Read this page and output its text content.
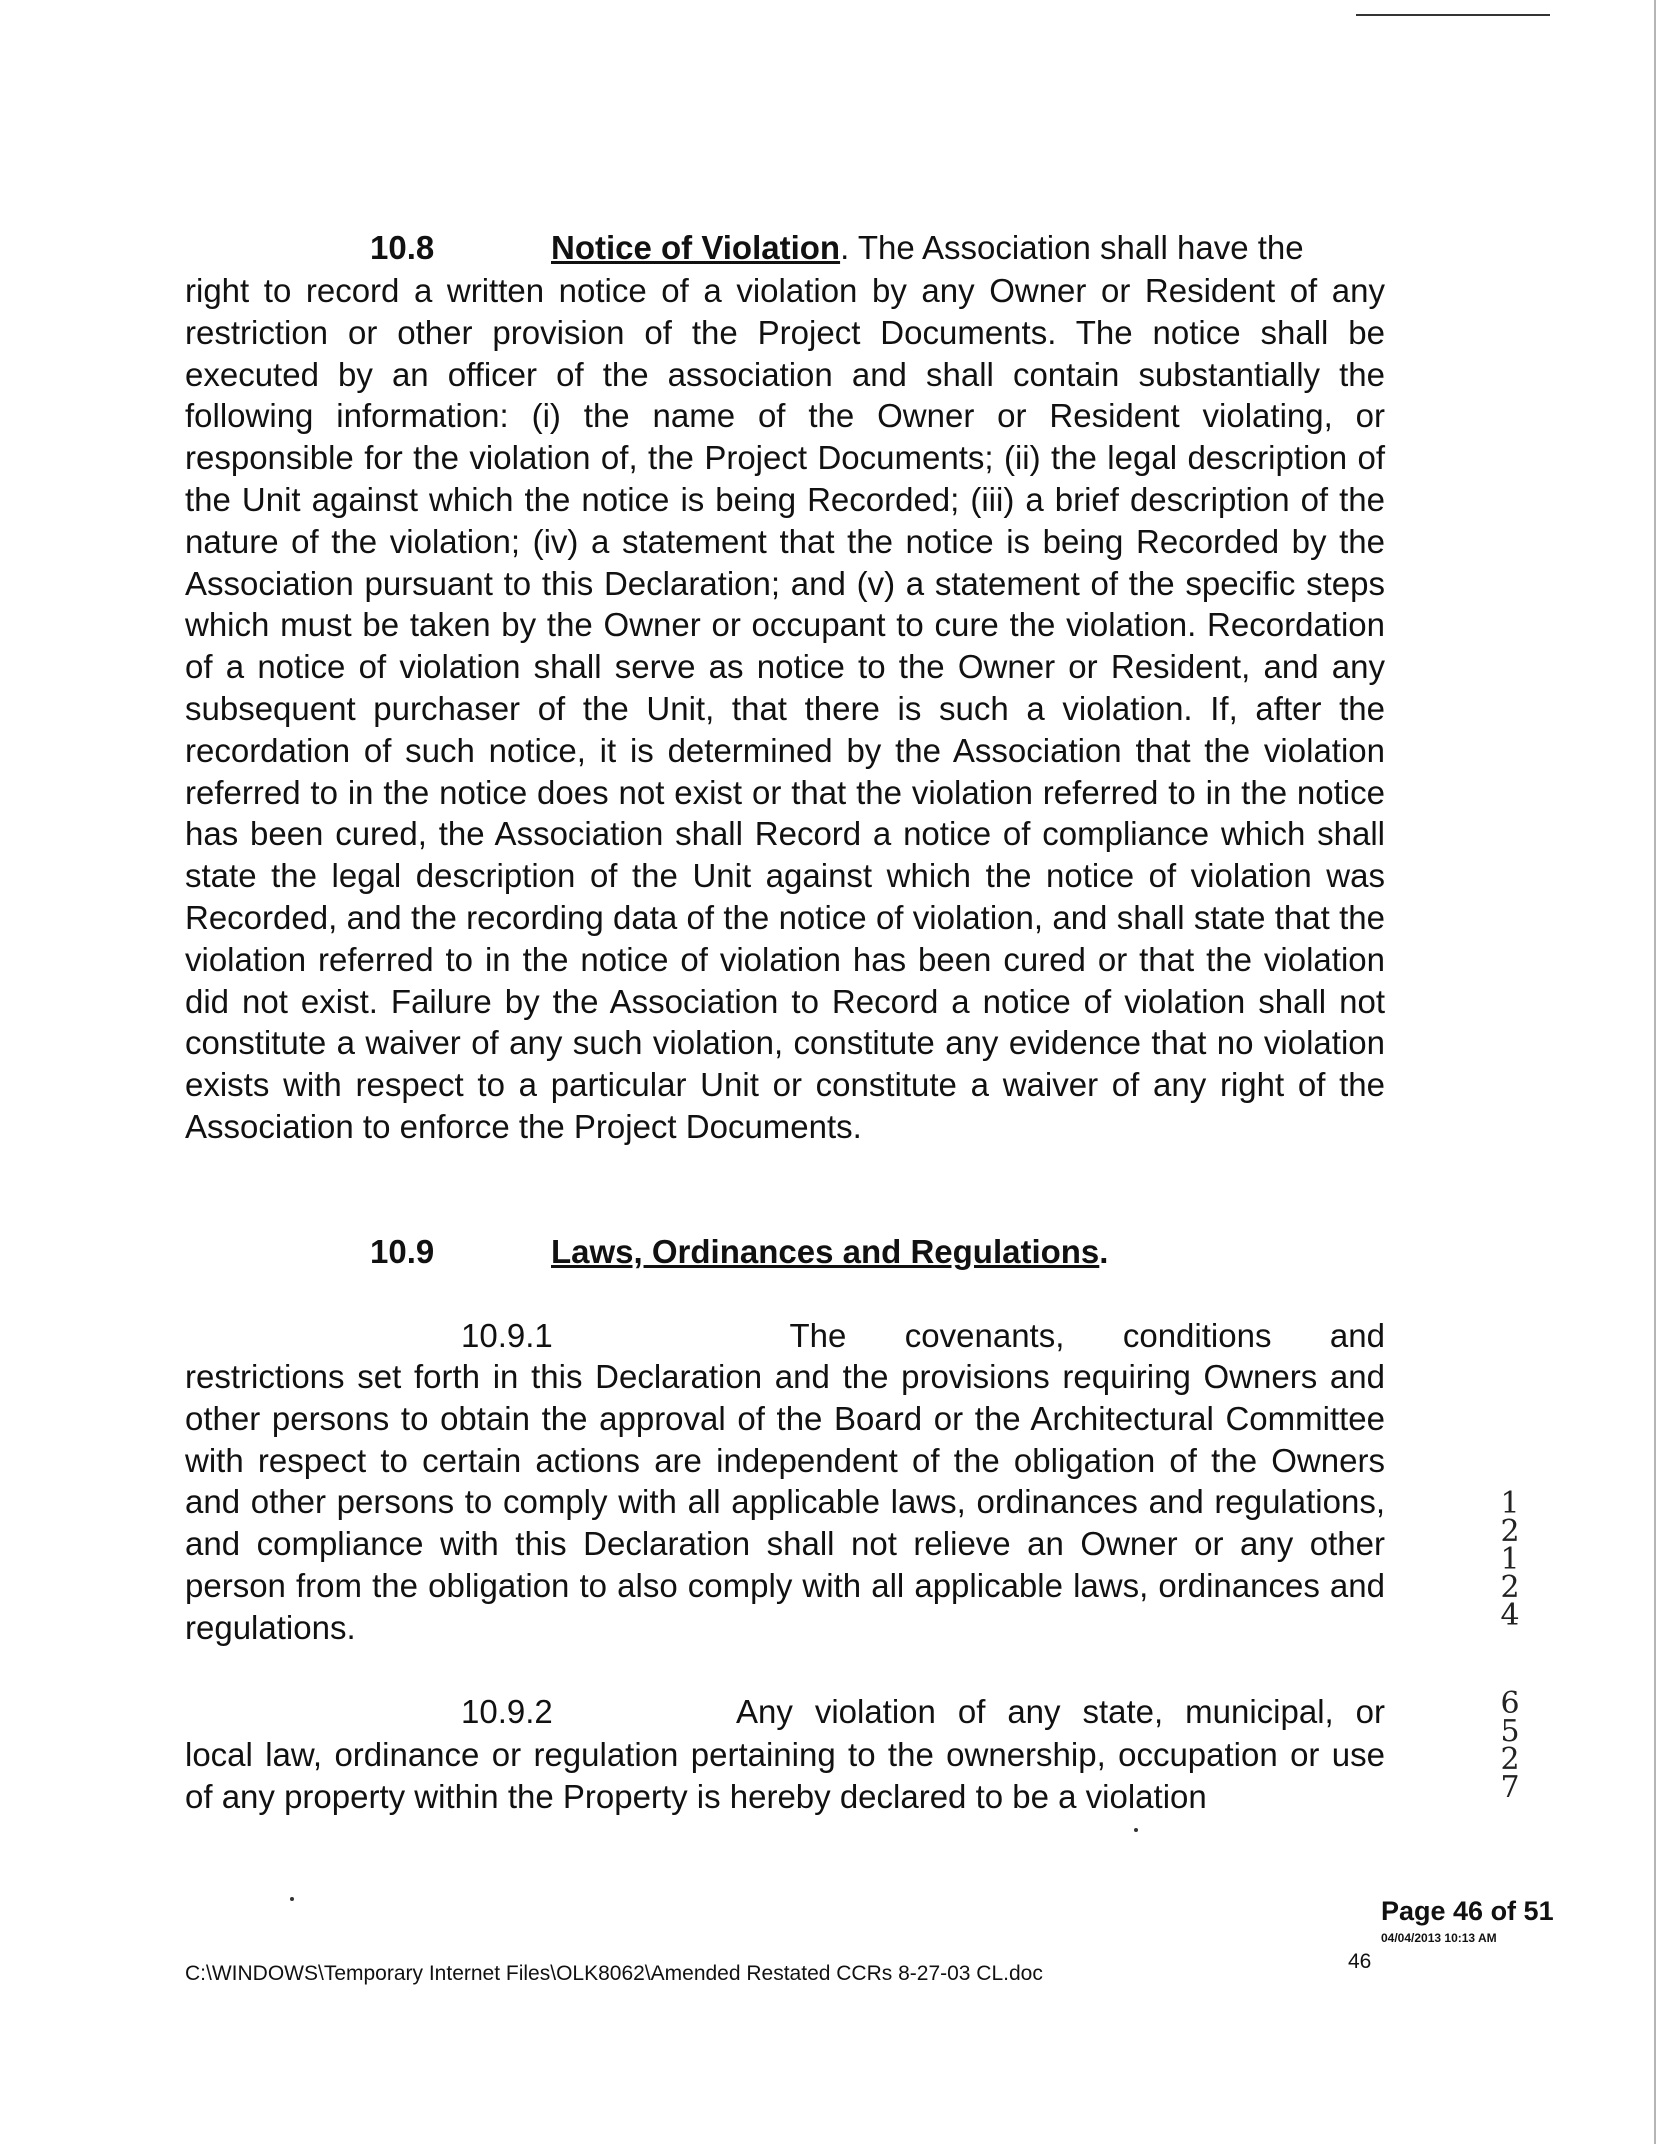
10.8	Notice of Violation. The Association shall have the
right to record a written notice of a violation by any Owner or Resident of any restriction or other provision of the Project Documents. The notice shall be executed by an officer of the association and shall contain substantially the following information: (i) the name of the Owner or Resident violating, or responsible for the violation of, the Project Documents; (ii) the legal description of the Unit against which the notice is being Recorded; (iii) a brief description of the nature of the violation; (iv) a statement that the notice is being Recorded by the Association pursuant to this Declaration; and (v) a statement of the specific steps which must be taken by the Owner or occupant to cure the violation. Recordation of a notice of violation shall serve as notice to the Owner or Resident, and any subsequent purchaser of the Unit, that there is such a violation. If, after the recordation of such notice, it is determined by the Association that the violation referred to in the notice does not exist or that the violation referred to in the notice has been cured, the Association shall Record a notice of compliance which shall state the legal description of the Unit against which the notice of violation was Recorded, and the recording data of the notice of violation, and shall state that the violation referred to in the notice of violation has been cured or that the violation did not exist. Failure by the Association to Record a notice of violation shall not constitute a waiver of any such violation, constitute any evidence that no violation exists with respect to a particular Unit or constitute a waiver of any right of the Association to enforce the Project Documents.
10.9	Laws, Ordinances and Regulations.
10.9.1	The covenants, conditions and
restrictions set forth in this Declaration and the provisions requiring Owners and other persons to obtain the approval of the Board or the Architectural Committee with respect to certain actions are independent of the obligation of the Owners and other persons to comply with all applicable laws, ordinances and regulations, and compliance with this Declaration shall not relieve an Owner or any other person from the obligation to also comply with all applicable laws, ordinances and regulations.
10.9.2	Any violation of any state, municipal, or
local law, ordinance or regulation pertaining to the ownership, occupation or use of any property within the Property is hereby declared to be a violation
1
2
1
2
4
6
5
2
7
Page 46 of 51
04/04/2013 10:13 AM
C:\WINDOWS\Temporary Internet Files\OLK8062\Amended Restated CCRs 8-27-03 CL.doc
46
